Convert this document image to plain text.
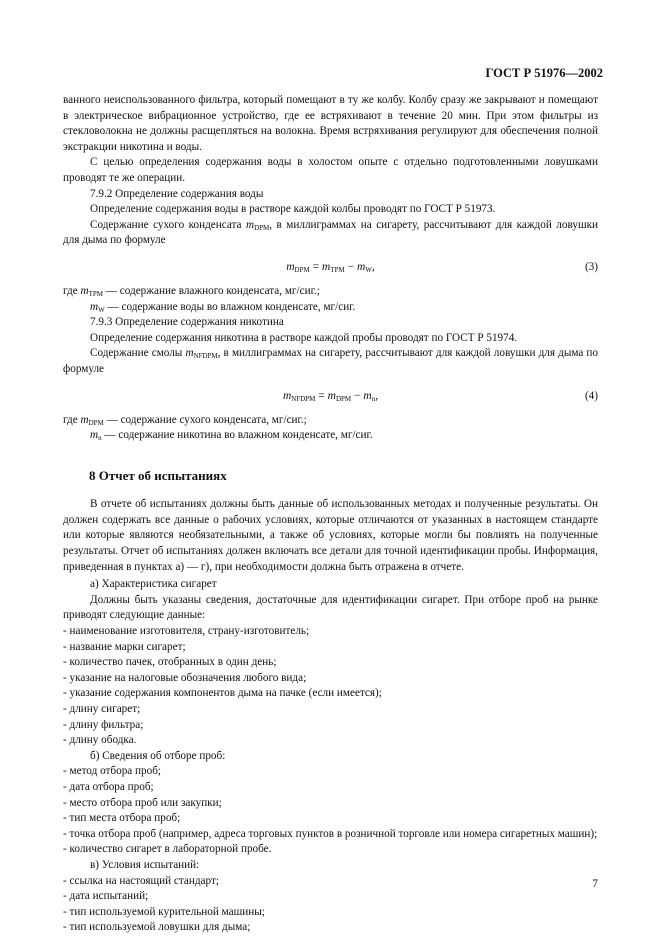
ГОСТ Р 51976—2002

ванного неиспользованного фильтра, который помещают в ту же колбу. Колбу сразу же закрывают и помещают в электрическое вибрационное устройство, где ее встряхивают в течение 20 мин. При этом фильтры из стекловолокна не должны расщепляться на волокна. Время встряхивания регулируют для обеспечения полной экстракции никотина и воды.

С целью определения содержания воды в холостом опыте с отдельно подготовленными ловушками проводят те же операции.

7.9.2 Определение содержания воды

Определение содержания воды в растворе каждой колбы проводят по ГОСТ Р 51973.

Содержание сухого конденсата $m_{DPM}$, в миллиграммах на сигарету, рассчитывают для каждой ловушки для дыма по формуле

$m_{DPM} = m_{TPM} - m_W$,	(3)

где $m_{TPM}$ — содержание влажного конденсата, мг/сиг.;

$m_W$ — содержание воды во влажном конденсате, мг/сиг.

7.9.3 Определение содержания никотина

Определение содержания никотина в растворе каждой пробы проводят по ГОСТ Р 51974.

Содержание смолы $m_{NFDPM}$, в миллиграммах на сигарету, рассчитывают для каждой ловушки для дыма по формуле

$m_{NFDPM} = m_{DPM} - m_n$,	(4)

где $m_{DPM}$ — содержание сухого конденсата, мг/сиг.;

$m_n$ — содержание никотина во влажном конденсате, мг/сиг.

8 Отчет об испытаниях

В отчете об испытаниях должны быть данные об использованных методах и полученные результаты. Он должен содержать все данные о рабочих условиях, которые отличаются от указанных в настоящем стандарте или которые являются необязательными, а также об условиях, которые могли бы повлиять на полученные результаты. Отчет об испытаниях должен включать все детали для точной идентификации пробы. Информация, приведенная в пунктах а) — г), при необходимости должна быть отражена в отчете.

а) Характеристика сигарет

Должны быть указаны сведения, достаточные для идентификации сигарет. При отборе проб на рынке приводят следующие данные:

- наименование изготовителя, страну-изготовитель;

- название марки сигарет;

- количество пачек, отобранных в один день;

- указание на налоговые обозначения любого вида;

- указание содержания компонентов дыма на пачке (если имеется);

- длину сигарет;

- длину фильтра;

- длину ободка.

б) Сведения об отборе проб:

- метод отбора проб;

- дата отбора проб;

- место отбора проб или закупки;

- тип места отбора проб;

- точка отбора проб (например, адреса торговых пунктов в розничной торговле или номера сигаретных машин);

- количество сигарет в лабораторной пробе.

в) Условия испытаний:

- ссылка на настоящий стандарт;

- дата испытаний;

- тип используемой курительной машины;

- тип используемой ловушки для дыма;

7
